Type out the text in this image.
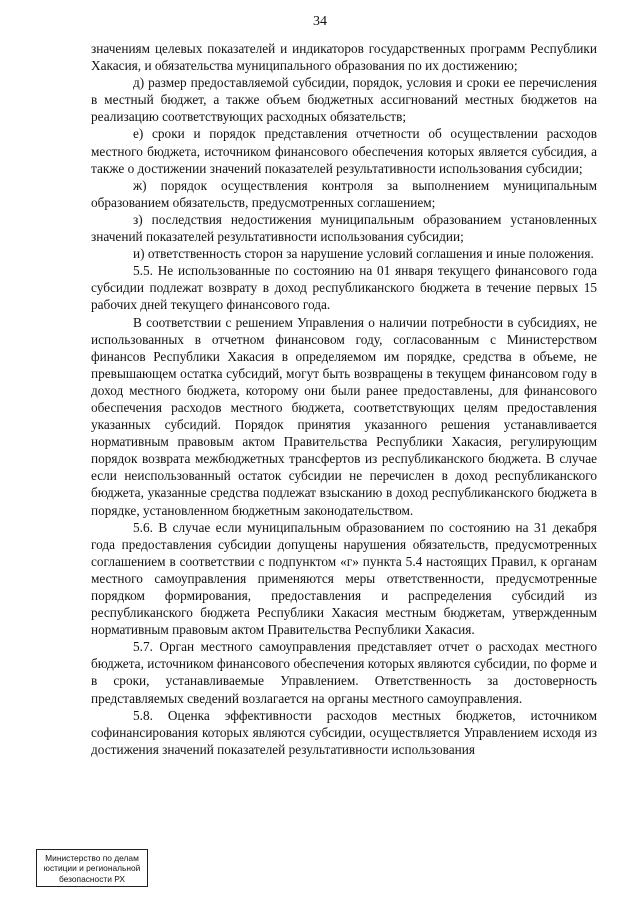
34

значениям целевых показателей и индикаторов государственных программ Республики Хакасия, и обязательства муниципального образования по их достижению;

д) размер предоставляемой субсидии, порядок, условия и сроки ее перечисления в местный бюджет, а также объем бюджетных ассигнований местных бюджетов на реализацию соответствующих расходных обязательств;

е) сроки и порядок представления отчетности об осуществлении расходов местного бюджета, источником финансового обеспечения которых является субсидия, а также о достижении значений показателей результативности использования субсидии;

ж) порядок осуществления контроля за выполнением муниципальным образованием обязательств, предусмотренных соглашением;

з) последствия недостижения муниципальным образованием установленных значений показателей результативности использования субсидии;

и) ответственность сторон за нарушение условий соглашения и иные положения.

5.5. Не использованные по состоянию на 01 января текущего финансового года субсидии подлежат возврату в доход республиканского бюджета в течение первых 15 рабочих дней текущего финансового года.

В соответствии с решением Управления о наличии потребности в субсидиях, не использованных в отчетном финансовом году, согласованным с Министерством финансов Республики Хакасия в определяемом им порядке, средства в объеме, не превышающем остатка субсидий, могут быть возвращены в текущем финансовом году в доход местного бюджета, которому они были ранее предоставлены, для финансового обеспечения расходов местного бюджета, соответствующих целям предоставления указанных субсидий. Порядок принятия указанного решения устанавливается нормативным правовым актом Правительства Республики Хакасия, регулирующим порядок возврата межбюджетных трансфертов из республиканского бюджета. В случае если неиспользованный остаток субсидии не перечислен в доход республиканского бюджета, указанные средства подлежат взысканию в доход республиканского бюджета в порядке, установленном бюджетным законодательством.

5.6. В случае если муниципальным образованием по состоянию на 31 декабря года предоставления субсидии допущены нарушения обязательств, предусмотренных соглашением в соответствии с подпунктом «г» пункта 5.4 настоящих Правил, к органам местного самоуправления применяются меры ответственности, предусмотренные порядком формирования, предоставления и распределения субсидий из республиканского бюджета Республики Хакасия местным бюджетам, утвержденным нормативным правовым актом Правительства Республики Хакасия.

5.7. Орган местного самоуправления представляет отчет о расходах местного бюджета, источником финансового обеспечения которых являются субсидии, по форме и в сроки, устанавливаемые Управлением. Ответственность за достоверность представляемых сведений возлагается на органы местного самоуправления.

5.8. Оценка эффективности расходов местных бюджетов, источником софинансирования которых являются субсидии, осуществляется Управлением исходя из достижения значений показателей результативности использования

Министерство по делам
юстиции и региональной
безопасности РХ
